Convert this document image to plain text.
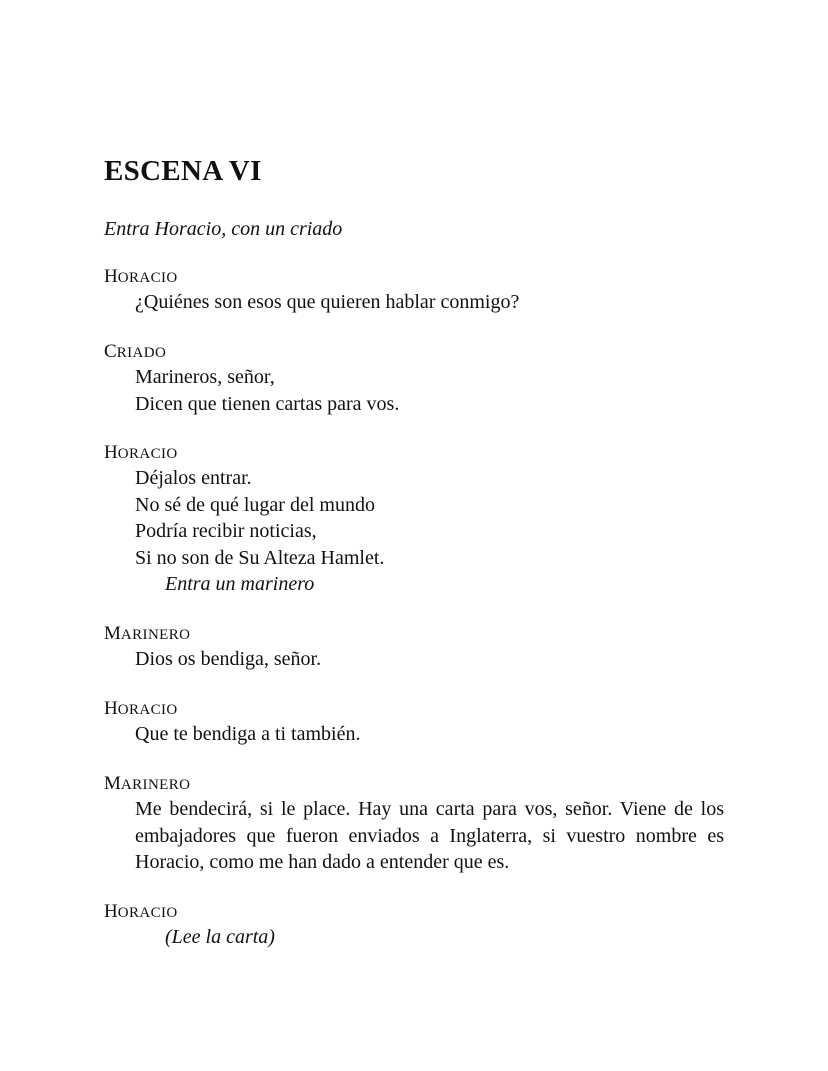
ESCENA VI
Entra Horacio, con un criado
HORACIO
¿Quiénes son esos que quieren hablar conmigo?
CRIADO
Marineros, señor,
Dicen que tienen cartas para vos.
HORACIO
Déjalos entrar.
No sé de qué lugar del mundo
Podría recibir noticias,
Si no son de Su Alteza Hamlet.
Entra un marinero
MARINERO
Dios os bendiga, señor.
HORACIO
Que te bendiga a ti también.
MARINERO
Me bendecirá, si le place. Hay una carta para vos, señor. Viene de los embajadores que fueron enviados a Inglaterra, si vuestro nombre es Horacio, como me han dado a entender que es.
HORACIO
(Lee la carta)
